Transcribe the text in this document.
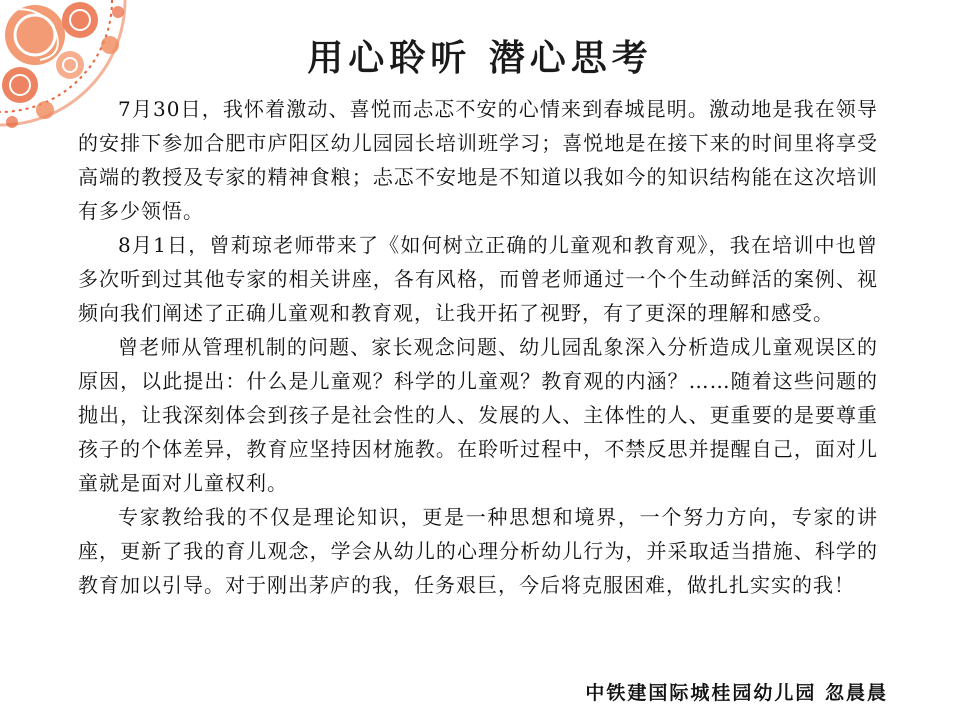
用心聆听 潜心思考

7月30日，我怀着激动、喜悦而忐忑不安的心情来到春城昆明。激动地是我在领导的安排下参加合肥市庐阳区幼儿园园长培训班学习；喜悦地是在接下来的时间里将享受高端的教授及专家的精神食粮；忐忑不安地是不知道以我如今的知识结构能在这次培训有多少领悟。

8月1日，曾莉琼老师带来了《如何树立正确的儿童观和教育观》，我在培训中也曾多次听到过其他专家的相关讲座，各有风格，而曾老师通过一个个生动鲜活的案例、视频向我们阐述了正确儿童观和教育观，让我开拓了视野，有了更深的理解和感受。

曾老师从管理机制的问题、家长观念问题、幼儿园乱象深入分析造成儿童观误区的原因，以此提出：什么是儿童观？科学的儿童观？教育观的内涵？……随着这些问题的抛出，让我深刻体会到孩子是社会性的人、发展的人、主体性的人、更重要的是要尊重孩子的个体差异，教育应坚持因材施教。在聆听过程中，不禁反思并提醒自己，面对儿童就是面对儿童权利。

专家教给我的不仅是理论知识，更是一种思想和境界，一个努力方向，专家的讲座，更新了我的育儿观念，学会从幼儿的心理分析幼儿行为，并采取适当措施、科学的教育加以引导。对于刚出茅庐的我，任务艰巨，今后将克服困难，做扎扎实实的我！

中铁建国际城桂园幼儿园 忽晨晨
